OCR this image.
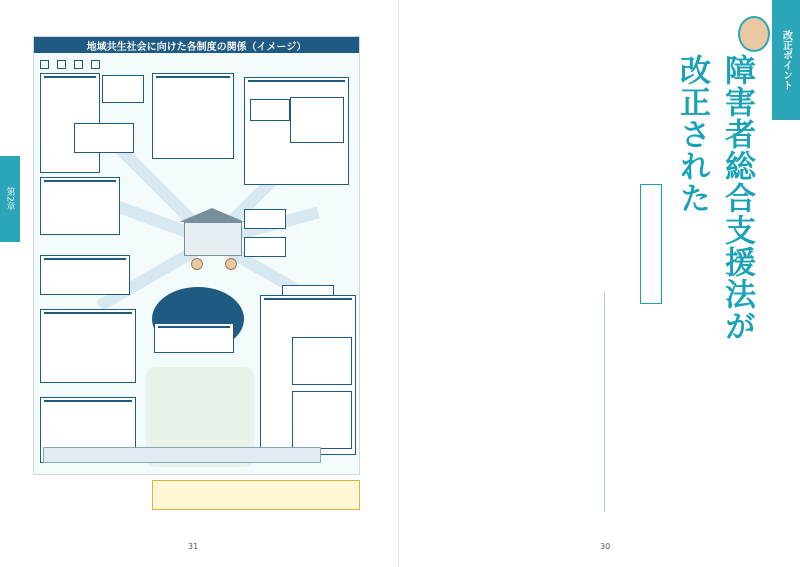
第2章
地域共生社会に向けた各制度の関係（イメージ）
31	30
改正ポイント
障害者総合支援法が改正された
